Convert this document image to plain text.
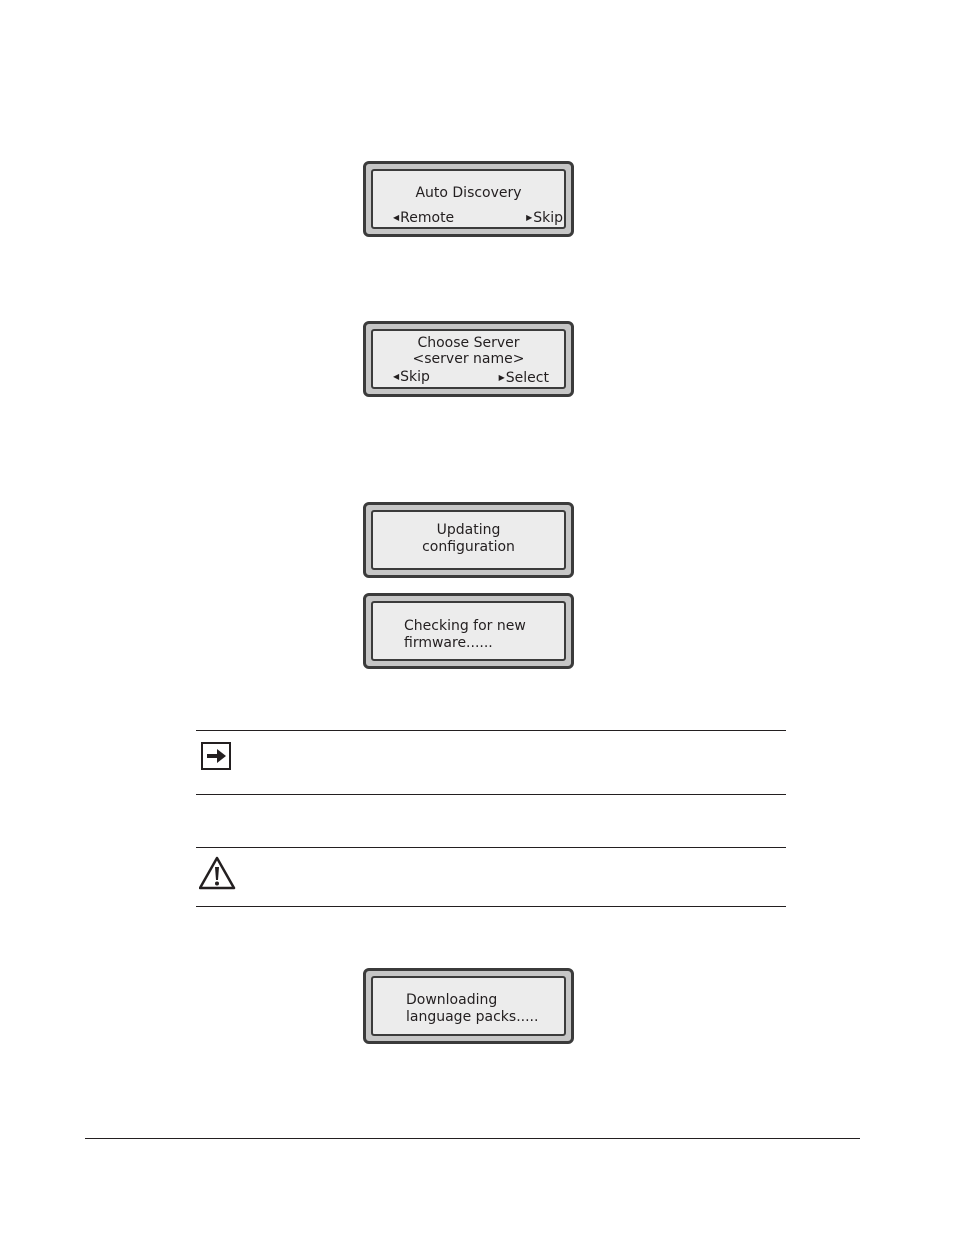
Auto Discovery
◀Remote	▶Skip
Choose Server
<server name>
◀Skip	▶Select
Updating
configuration
Checking for new
firmware......
Downloading
language packs.....
